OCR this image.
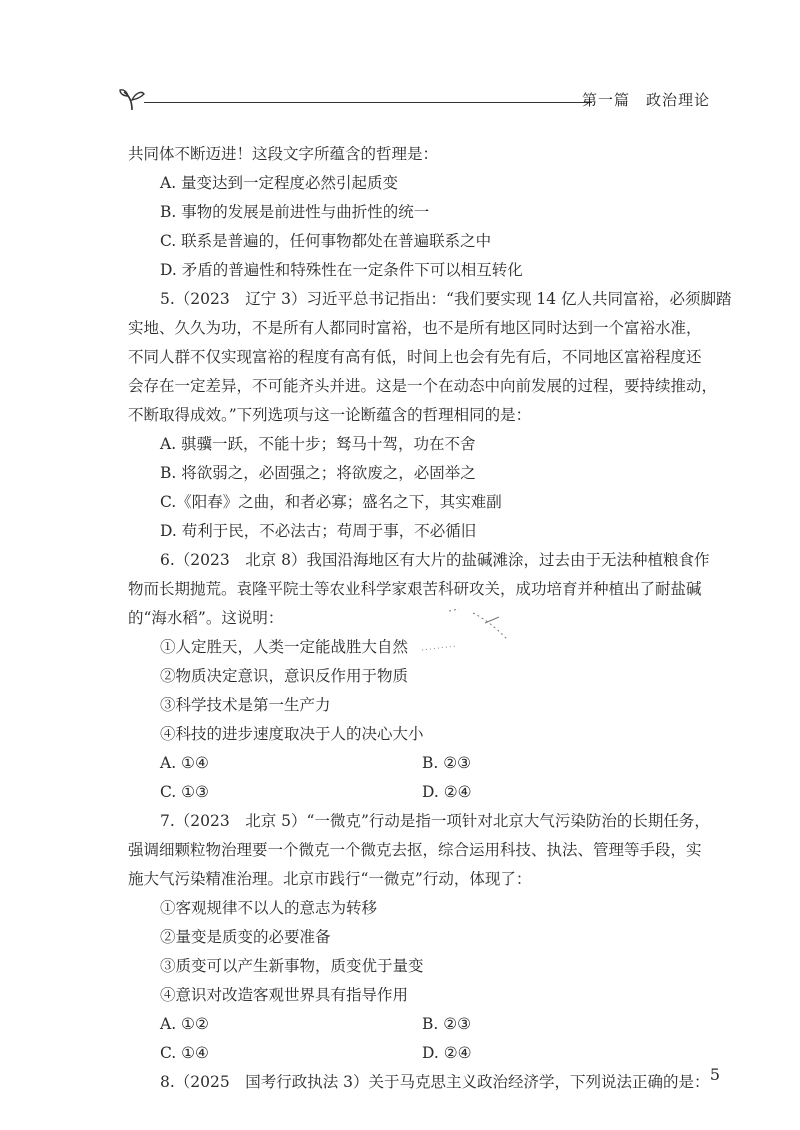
第一篇　政治理论
共同体不断迈进！这段文字所蕴含的哲理是：
A. 量变达到一定程度必然引起质变
B. 事物的发展是前进性与曲折性的统一
C. 联系是普遍的，任何事物都处在普遍联系之中
D. 矛盾的普遍性和特殊性在一定条件下可以相互转化
5.（2023　辽宁 3）习近平总书记指出：“我们要实现 14 亿人共同富裕，必须脚踏
实地、久久为功，不是所有人都同时富裕，也不是所有地区同时达到一个富裕水准，
不同人群不仅实现富裕的程度有高有低，时间上也会有先有后，不同地区富裕程度还
会存在一定差异，不可能齐头并进。这是一个在动态中向前发展的过程，要持续推动，
不断取得成效。”下列选项与这一论断蕴含的哲理相同的是：
A. 骐骥一跃，不能十步；驽马十驾，功在不舍
B. 将欲弱之，必固强之；将欲废之，必固举之
C.《阳春》之曲，和者必寡；盛名之下，其实难副
D. 苟利于民，不必法古；苟周于事，不必循旧
6.（2023　北京 8）我国沿海地区有大片的盐碱滩涂，过去由于无法种植粮食作
物而长期抛荒。袁隆平院士等农业科学家艰苦科研攻关，成功培育并种植出了耐盐碱
的“海水稻”。这说明：
①人定胜天，人类一定能战胜大自然
②物质决定意识，意识反作用于物质
③科学技术是第一生产力
④科技的进步速度取决于人的决心大小
A. ①④	B. ②③
C. ①③	D. ②④
7.（2023　北京 5）“一微克”行动是指一项针对北京大气污染防治的长期任务，
强调细颗粒物治理要一个微克一个微克去抠，综合运用科技、执法、管理等手段，实
施大气污染精准治理。北京市践行“一微克”行动，体现了：
①客观规律不以人的意志为转移
②量变是质变的必要准备
③质变可以产生新事物，质变优于量变
④意识对改造客观世界具有指导作用
A. ①②	B. ②③
C. ①④	D. ②④
8.（2025　国考行政执法 3）关于马克思主义政治经济学，下列说法正确的是： 5
